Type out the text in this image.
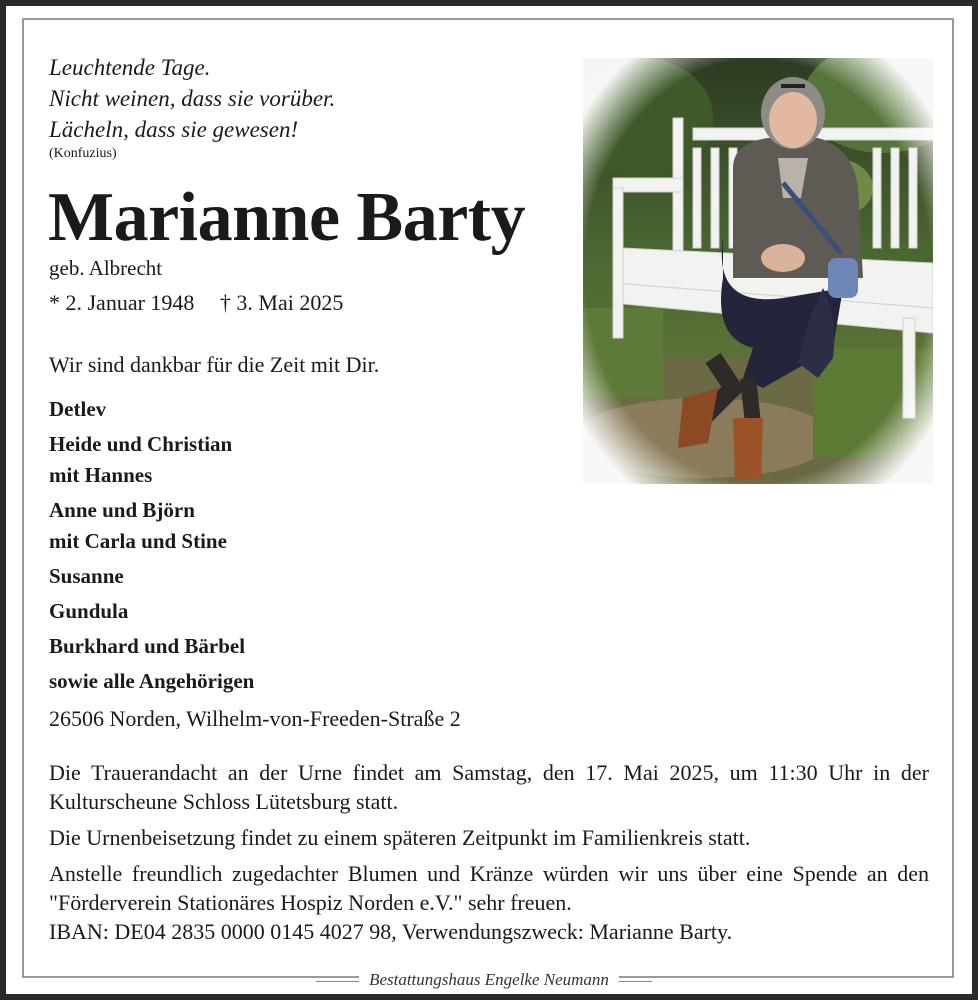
Leuchtende Tage.
Nicht weinen, dass sie vorüber.
Lächeln, dass sie gewesen!
(Konfuzius)
Marianne Barty
geb. Albrecht
* 2. Januar 1948 † 3. Mai 2025
Wir sind dankbar für die Zeit mit Dir.
Detlev
Heide und Christian
mit Hannes
Anne und Björn
mit Carla und Stine
Susanne
Gundula
Burkhard und Bärbel
sowie alle Angehörigen
26506 Norden, Wilhelm-von-Freeden-Straße 2

Die Trauerandacht an der Urne findet am Samstag, den 17. Mai 2025, um 11:30 Uhr in der Kulturscheune Schloss Lütetsburg statt.

Die Urnenbeisetzung findet zu einem späteren Zeitpunkt im Familienkreis statt.

Anstelle freundlich zugedachter Blumen und Kränze würden wir uns über eine Spende an den "Förderverein Stationäres Hospiz Norden e.V." sehr freuen.

IBAN: DE04 2835 0000 0145 4027 98, Verwendungszweck: Marianne Barty.

Bestattungshaus Engelke Neumann
